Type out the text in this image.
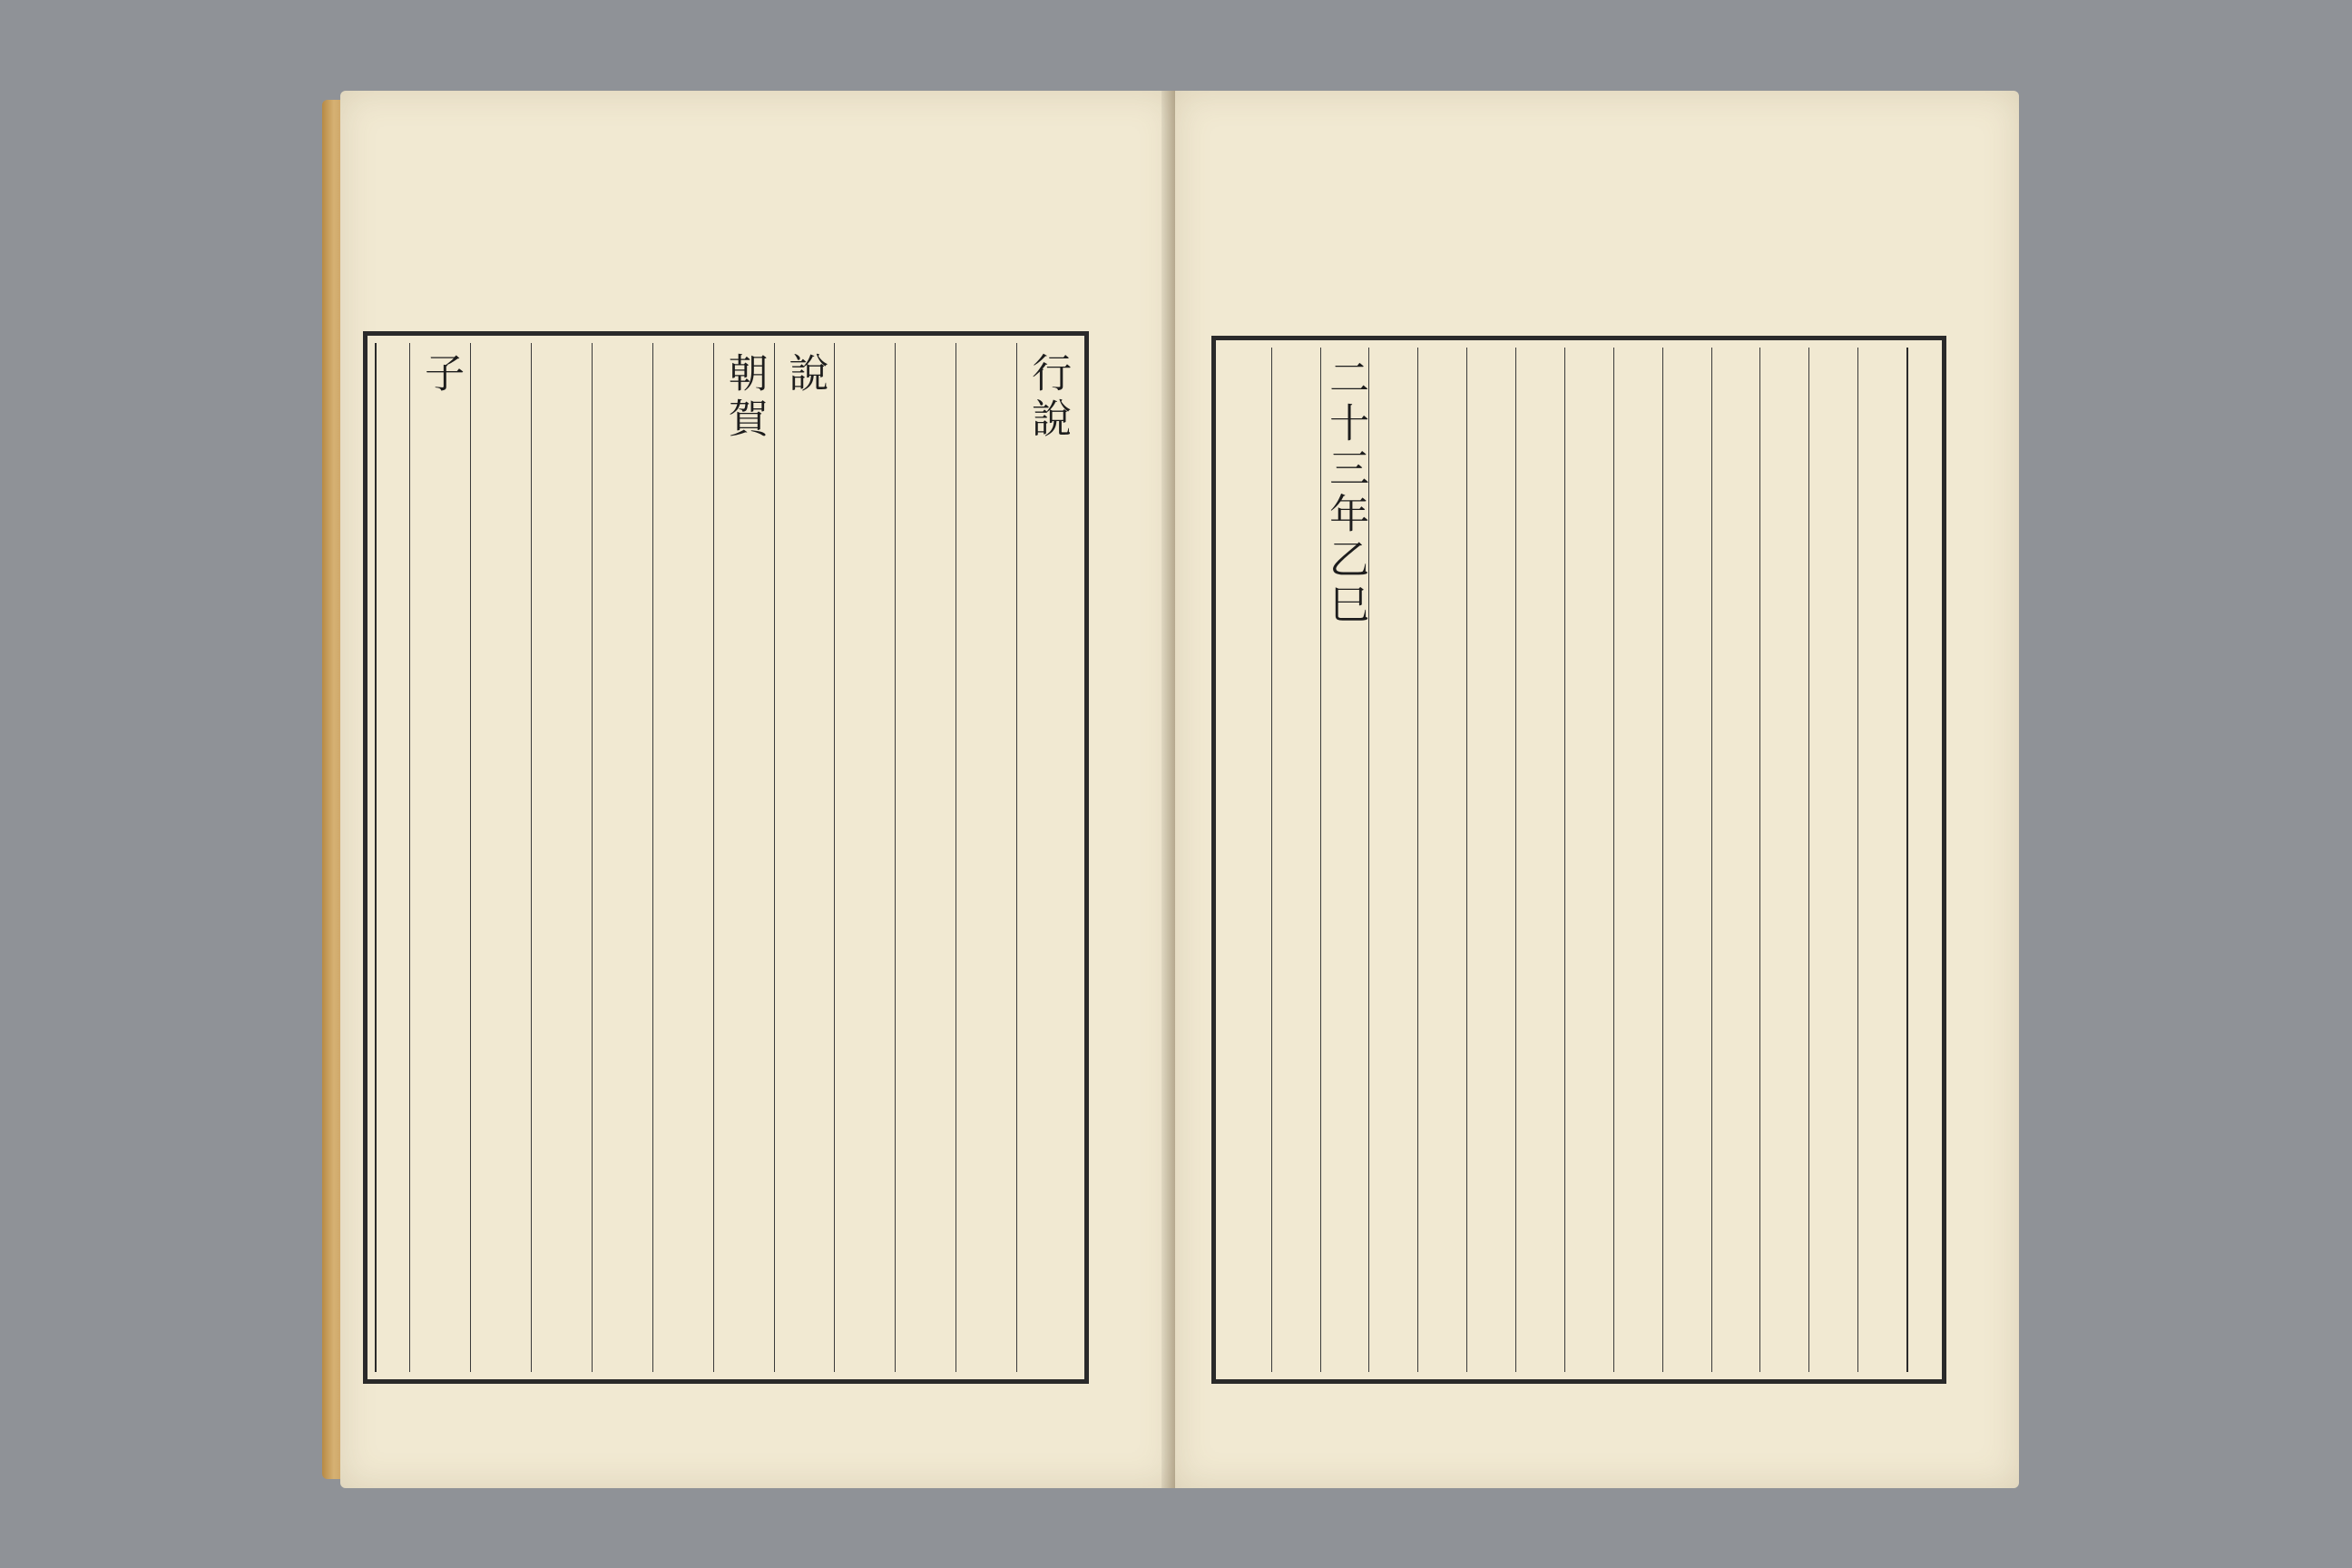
行說
說
朝賀
子	二十三年乙巳
